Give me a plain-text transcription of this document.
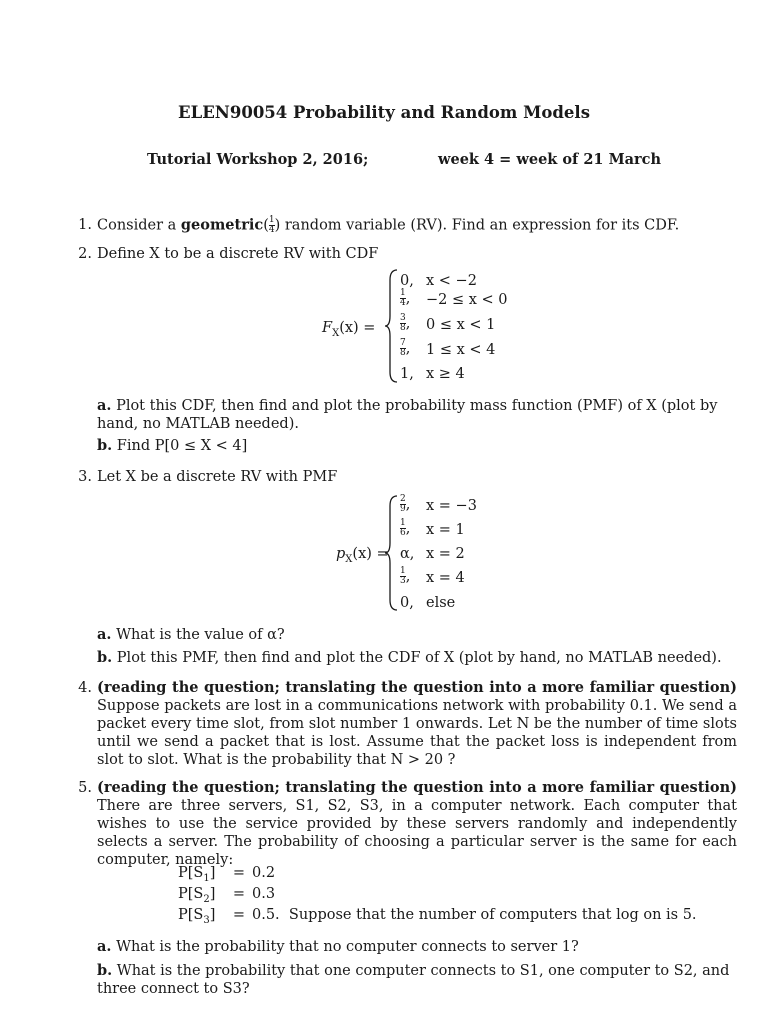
ELEN90054 Probability and Random Models
Tutorial Workshop 2, 2016;	week 4 = week of 21 March
1. Consider a geometric( $\frac{1}{4}$ ) random variable (RV). Find an expression for its CDF.
2. Define X to be a discrete RV with CDF
$F_X(x)$ =
0, x < −2
$\frac{1}{4}$ , −2 ≤ x < 0
$\frac{3}{8}$ , 0 ≤ x < 1
$\frac{7}{8}$ , 1 ≤ x < 4
1, x ≥ 4
a. Plot this CDF, then find and plot the probability mass function (PMF) of X (plot by hand, no MATLAB needed).
b. Find P[0 ≤ X < 4]
3. Let X be a discrete RV with PMF
$p_X(x)$ =
$\frac{2}{9}$ , x = −3
$\frac{1}{6}$ , x = 1
α, x = 2
$\frac{1}{3}$ , x = 4
0, else
a. What is the value of α?
b. Plot this PMF, then find and plot the CDF of X (plot by hand, no MATLAB needed).
4. (reading the question; translating the question into a more familiar question) Suppose packets are lost in a communications network with probability 0.1. We send a packet every time slot, from slot number 1 onwards. Let N be the number of time slots until we send a packet that is lost. Assume that the packet loss is independent from slot to slot. What is the probability that N > 20 ?
5. (reading the question; translating the question into a more familiar question) There are three servers, S1, S2, S3, in a computer network. Each computer that wishes to use the service provided by these servers randomly and independently selects a server. The probability of choosing a particular server is the same for each computer, namely:
$P[S_1] = 0.2$
$P[S_2] = 0.3$
$P[S_3] = 0.5$. Suppose that the number of computers that log on is 5.
a. What is the probability that no computer connects to server 1?
b. What is the probability that one computer connects to S1, one computer to S2, and three connect to S3?
